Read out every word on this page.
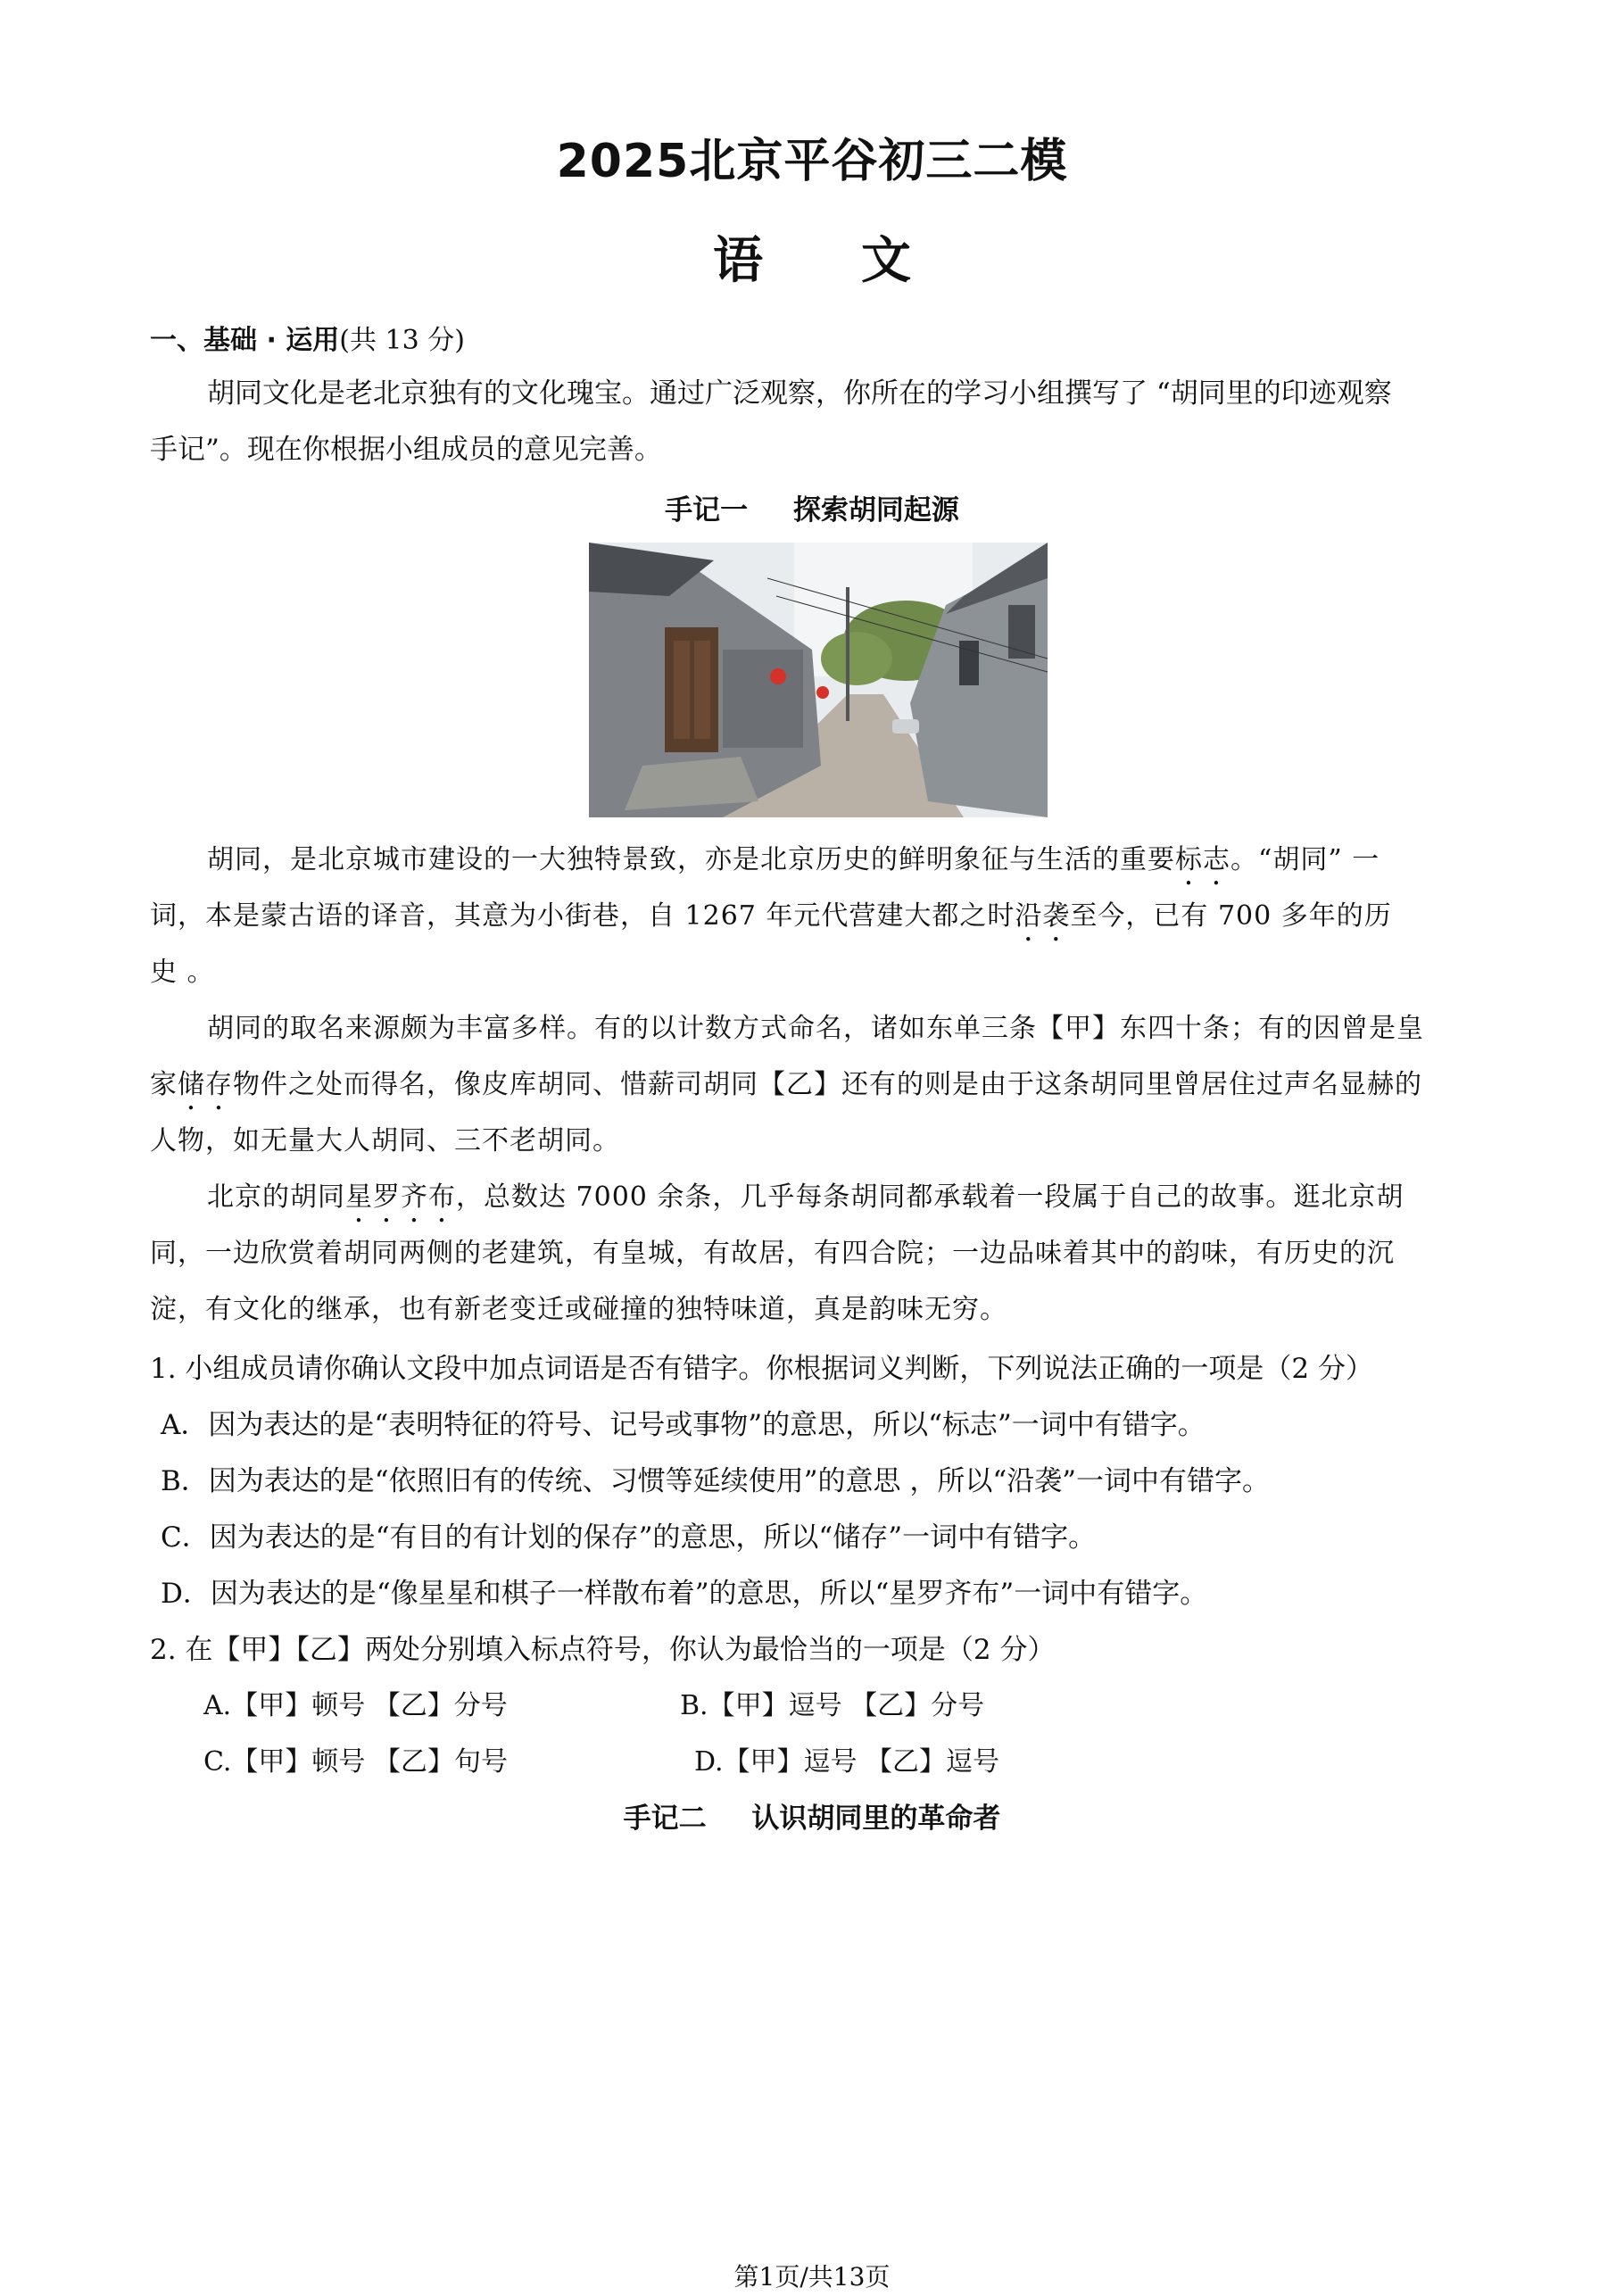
2025北京平谷初三二模
语文
一、基础 · 运用(共 13 分)
胡同文化是老北京独有的文化瑰宝。通过广泛观察，你所在的学习小组撰写了 “胡同里的印迹观察
手记”。现在你根据小组成员的意见完善。
手记一 探索胡同起源
胡同，是北京城市建设的一大独特景致，亦是北京历史的鲜明象征与生活的重要标志。“胡同” 一
词，本是蒙古语的译音，其意为小街巷，自 1267 年元代营建大都之时沿袭至今，已有 700 多年的历
史 。
胡同的取名来源颇为丰富多样。有的以计数方式命名，诸如东单三条【甲】东四十条；有的因曾是皇
家储存物件之处而得名，像皮库胡同、惜薪司胡同【乙】还有的则是由于这条胡同里曾居住过声名显赫的
人物，如无量大人胡同、三不老胡同。
北京的胡同星罗齐布，总数达 7000 余条，几乎每条胡同都承载着一段属于自己的故事。逛北京胡
同，一边欣赏着胡同两侧的老建筑，有皇城，有故居，有四合院；一边品味着其中的韵味，有历史的沉
淀，有文化的继承，也有新老变迁或碰撞的独特味道，真是韵味无穷。
1. 小组成员请你确认文段中加点词语是否有错字。你根据词义判断，下列说法正确的一项是（2 分）
A．因为表达的是“表明特征的符号、记号或事物”的意思，所以“标志”一词中有错字。
B．因为表达的是“依照旧有的传统、习惯等延续使用”的意思 ，所以“沿袭”一词中有错字。
C．因为表达的是“有目的有计划的保存”的意思，所以“储存”一词中有错字。
D．因为表达的是“像星星和棋子一样散布着”的意思，所以“星罗齐布”一词中有错字。
2. 在【甲】【乙】两处分别填入标点符号，你认为最恰当的一项是（2 分）
A.【甲】顿号 【乙】分号	B.【甲】逗号 【乙】分号
C.【甲】顿号 【乙】句号	D.【甲】逗号 【乙】逗号
手记二 认识胡同里的革命者
第1页/共13页
